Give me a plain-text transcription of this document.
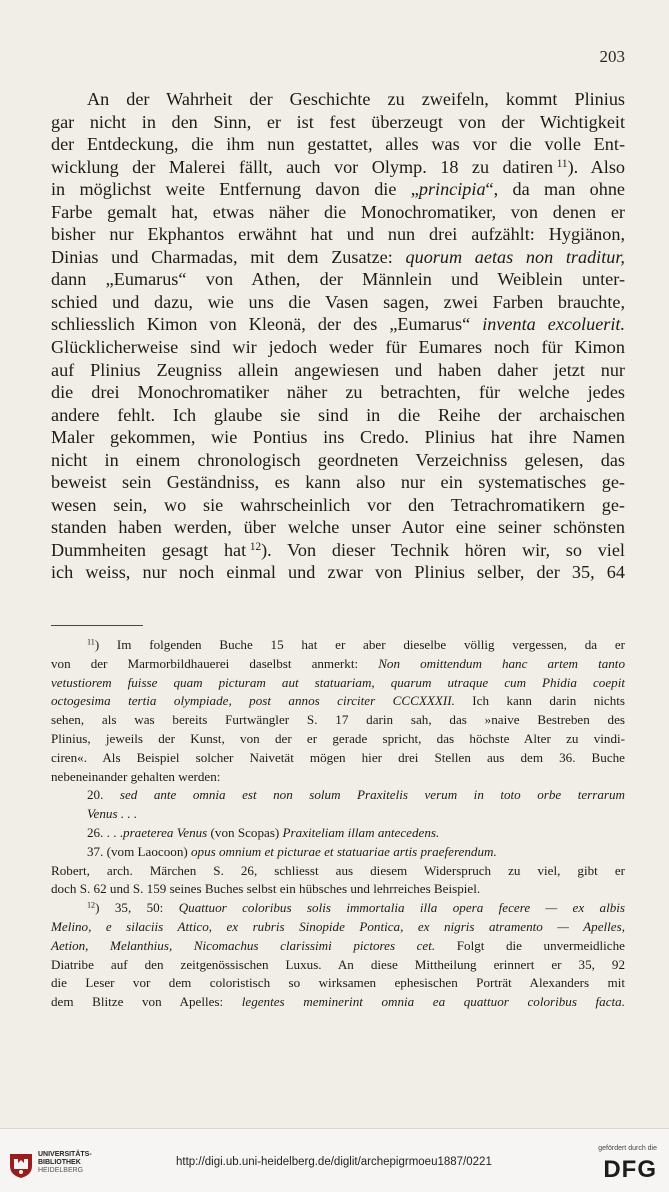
203
An der Wahrheit der Geschichte zu zweifeln, kommt Plinius
gar nicht in den Sinn, er ist fest überzeugt von der Wichtigkeit
der Entdeckung, die ihm nun gestattet, alles was vor die volle Ent-
wicklung der Malerei fällt, auch vor Olymp. 18 zu datiren  $^{11}$). Also
in möglichst weite Entfernung davon die „principia“, da man ohne
Farbe gemalt hat, etwas näher die Monochromatiker, von denen er
bisher nur Ekphantos erwähnt hat und nun drei aufzählt: Hygiänon,
Dinias und Charmadas, mit dem Zusatze: quorum aetas non traditur,
dann „Eumarus“ von Athen, der Männlein und Weiblein unter-
schied und dazu, wie uns die Vasen sagen, zwei Farben brauchte,
schliesslich Kimon von Kleonä, der des „Eumarus“ inventa excoluerit.
Glücklicherweise sind wir jedoch weder für Eumares noch für Kimon
auf Plinius Zeugniss allein angewiesen und haben daher jetzt nur
die drei Monochromatiker näher zu betrachten, für welche jedes
andere fehlt. Ich glaube sie sind in die Reihe der archaischen
Maler gekommen, wie Pontius ins Credo. Plinius hat ihre Namen
nicht in einem chronologisch geordneten Verzeichniss gelesen, das
beweist sein Geständniss, es kann also nur ein systematisches ge-
wesen sein, wo sie wahrscheinlich vor den Tetrachromatikern ge-
standen haben werden, über welche unser Autor eine seiner schönsten
Dummheiten gesagt hat  $^{12}$). Von dieser Technik hören wir, so viel
ich weiss, nur noch einmal und zwar von Plinius selber, der 35, 64
$^{11}$) Im folgenden Buche 15 hat er aber dieselbe völlig vergessen, da er
von der Marmorbildhauerei daselbst anmerkt: Non omittendum hanc artem tanto
vetustiorem fuisse quam picturam aut statuariam, quarum utraque cum Phidia coepit
octogesima tertia olympiade, post annos circiter CCCXXXII. Ich kann darin nichts
sehen, als was bereits Furtwängler S. 17 darin sah, das »naive Bestreben des
Plinius, jeweils der Kunst, von der er gerade spricht, das höchste Alter zu vindi-
ciren«. Als Beispiel solcher Naivetät mögen hier drei Stellen aus dem 36. Buche
nebeneinander gehalten werden:
20. sed ante omnia est non solum Praxitelis verum in toto orbe terrarum
Venus . . .
26. . . .praeterea Venus (von Scopas) Praxiteliam illam antecedens.
37. (vom Laocoon) opus omnium et picturae et statuariae artis praeferendum.
Robert, arch. Märchen S. 26, schliesst aus diesem Widerspruch zu viel, gibt er
doch S. 62 und S. 159 seines Buches selbst ein hübsches und lehrreiches Beispiel.
$^{12}$) 35, 50: Quattuor coloribus solis immortalia illa opera fecere — ex albis
Melino, e silaciis Attico, ex rubris Sinopide Pontica, ex nigris atramento — Apelles,
Aetion, Melanthius, Nicomachus clarissimi pictores cet. Folgt die unvermeidliche
Diatribe auf den zeitgenössischen Luxus. An diese Mittheilung erinnert er 35, 92
die Leser vor dem coloristisch so wirksamen ephesischen Porträt Alexanders mit
dem Blitze von Apelles: legentes meminerint omnia ea quattuor coloribus facta.
UNIVERSITÄTS-
BIBLIOTHEK
HEIDELBERG
http://digi.ub.uni-heidelberg.de/diglit/archepigrmoeu1887/0221
gefördert durch die
DFG
